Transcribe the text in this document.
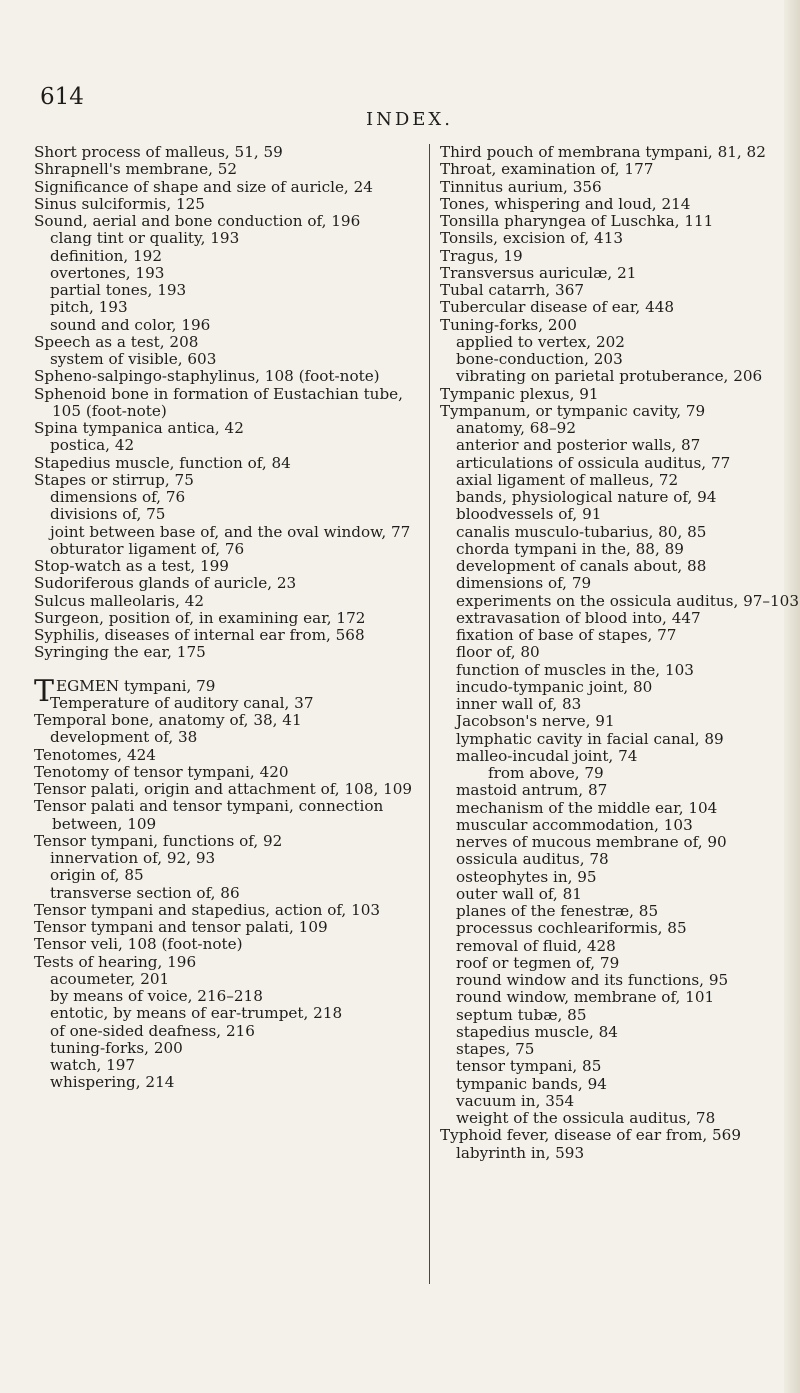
614
INDEX.
Short process of malleus, 51, 59
Shrapnell's membrane, 52
Significance of shape and size of auricle, 24
Sinus sulciformis, 125
Sound, aerial and bone conduction of, 196
clang tint or quality, 193
definition, 192
overtones, 193
partial tones, 193
pitch, 193
sound and color, 196
Speech as a test, 208
system of visible, 603
Spheno-salpingo-staphylinus, 108 (foot-note)
Sphenoid bone in formation of Eustachian tube, 105 (foot-note)
Spina tympanica antica, 42
postica, 42
Stapedius muscle, function of, 84
Stapes or stirrup, 75
dimensions of, 76
divisions of, 75
joint between base of, and the oval window, 77
obturator ligament of, 76
Stop-watch as a test, 199
Sudoriferous glands of auricle, 23
Sulcus malleolaris, 42
Surgeon, position of, in examining ear, 172
Syphilis, diseases of internal ear from, 568
Syringing the ear, 175
TEGMEN tympani, 79
Temperature of auditory canal, 37
Temporal bone, anatomy of, 38, 41
development of, 38
Tenotomes, 424
Tenotomy of tensor tympani, 420
Tensor palati, origin and attachment of, 108, 109
Tensor palati and tensor tympani, connection between, 109
Tensor tympani, functions of, 92
innervation of, 92, 93
origin of, 85
transverse section of, 86
Tensor tympani and stapedius, action of, 103
Tensor tympani and tensor palati, 109
Tensor veli, 108 (foot-note)
Tests of hearing, 196
acoumeter, 201
by means of voice, 216–218
entotic, by means of ear-trumpet, 218
of one-sided deafness, 216
tuning-forks, 200
watch, 197
whispering, 214
Third pouch of membrana tympani, 81, 82
Throat, examination of, 177
Tinnitus aurium, 356
Tones, whispering and loud, 214
Tonsilla pharyngea of Luschka, 111
Tonsils, excision of, 413
Tragus, 19
Transversus auriculæ, 21
Tubal catarrh, 367
Tubercular disease of ear, 448
Tuning-forks, 200
applied to vertex, 202
bone-conduction, 203
vibrating on parietal protuberance, 206
Tympanic plexus, 91
Tympanum, or tympanic cavity, 79
anatomy, 68–92
anterior and posterior walls, 87
articulations of ossicula auditus, 77
axial ligament of malleus, 72
bands, physiological nature of, 94
bloodvessels of, 91
canalis musculo-tubarius, 80, 85
chorda tympani in the, 88, 89
development of canals about, 88
dimensions of, 79
experiments on the ossicula auditus, 97–103
extravasation of blood into, 447
fixation of base of stapes, 77
floor of, 80
function of muscles in the, 103
incudo-tympanic joint, 80
inner wall of, 83
Jacobson's nerve, 91
lymphatic cavity in facial canal, 89
malleo-incudal joint, 74
from above, 79
mastoid antrum, 87
mechanism of the middle ear, 104
muscular accommodation, 103
nerves of mucous membrane of, 90
ossicula auditus, 78
osteophytes in, 95
outer wall of, 81
planes of the fenestræ, 85
processus cochleariformis, 85
removal of fluid, 428
roof or tegmen of, 79
round window and its functions, 95
round window, membrane of, 101
septum tubæ, 85
stapedius muscle, 84
stapes, 75
tensor tympani, 85
tympanic bands, 94
vacuum in, 354
weight of the ossicula auditus, 78
Typhoid fever, disease of ear from, 569
labyrinth in, 593
